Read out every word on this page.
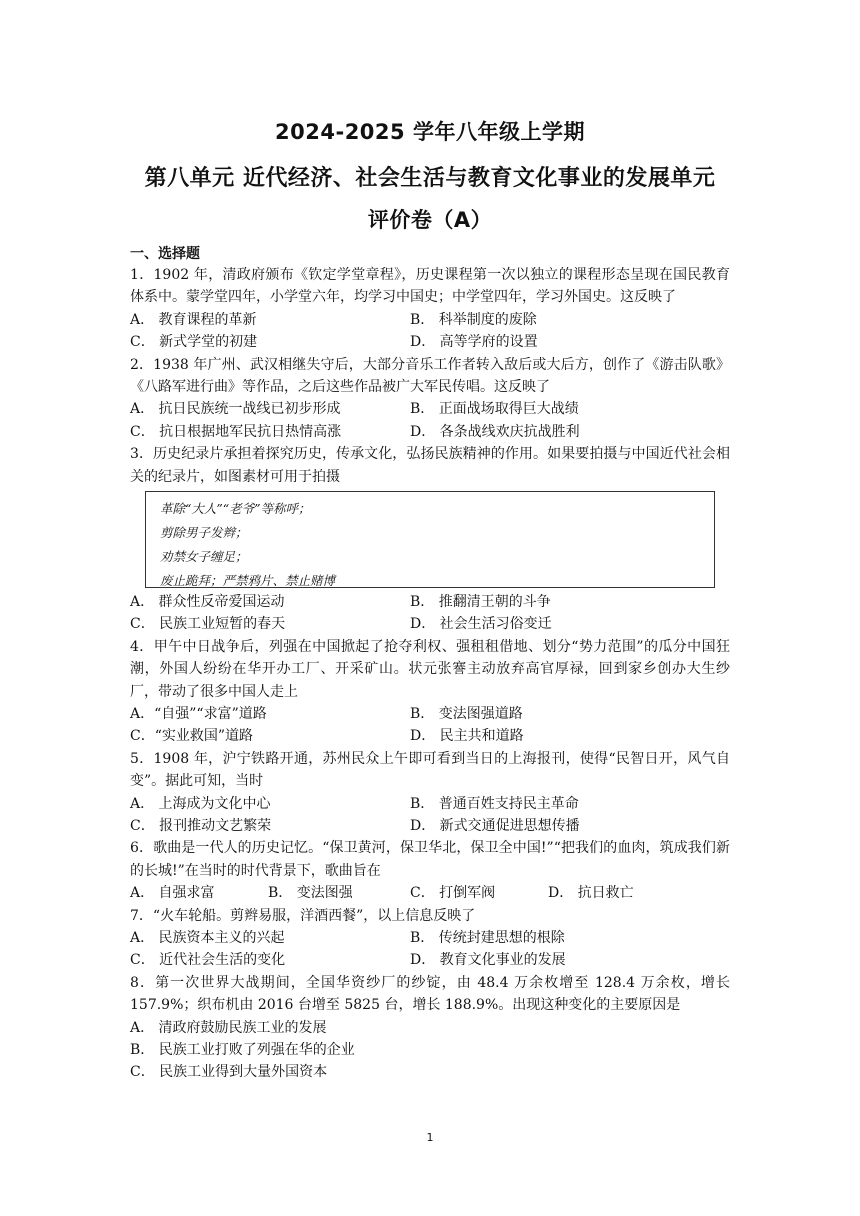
2024-2025 学年八年级上学期
第八单元 近代经济、社会生活与教育文化事业的发展单元
评价卷（A）
一、选择题

1．1902 年，清政府颁布《钦定学堂章程》，历史课程第一次以独立的课程形态呈现在国民教育体系中。蒙学堂四年，小学堂六年，均学习中国史；中学堂四年，学习外国史。这反映了

A． 教育课程的革新	B． 科举制度的废除
C． 新式学堂的初建	D． 高等学府的设置

2．1938 年广州、武汉相继失守后，大部分音乐工作者转入敌后或大后方，创作了《游击队歌》《八路军进行曲》等作品，之后这些作品被广大军民传唱。这反映了

A． 抗日民族统一战线已初步形成	B． 正面战场取得巨大战绩
C． 抗日根据地军民抗日热情高涨	D． 各条战线欢庆抗战胜利

3．历史纪录片承担着探究历史，传承文化，弘扬民族精神的作用。如果要拍摄与中国近代社会相关的纪录片，如图素材可用于拍摄

革除“大人”“老爷”等称呼；
剪除男子发辫；
劝禁女子缠足；
废止跪拜；严禁鸦片、禁止赌博
A． 群众性反帝爱国运动	B． 推翻清王朝的斗争
C． 民族工业短暂的春天	D． 社会生活习俗变迁

4．甲午中日战争后，列强在中国掀起了抢夺利权、强租租借地、划分“势力范围”的瓜分中国狂潮，外国人纷纷在华开办工厂、开采矿山。状元张謇主动放弃高官厚禄，回到家乡创办大生纱厂，带动了很多中国人走上

A．“自强”“求富”道路	B． 变法图强道路
C．“实业救国”道路	D． 民主共和道路

5．1908 年，沪宁铁路开通，苏州民众上午即可看到当日的上海报刊，使得“民智日开，风气自变”。据此可知，当时

A． 上海成为文化中心	B． 普通百姓支持民主革命
C． 报刊推动文艺繁荣	D． 新式交通促进思想传播

6．歌曲是一代人的历史记忆。“保卫黄河，保卫华北，保卫全中国!”“把我们的血肉，筑成我们新的长城!”在当时的时代背景下，歌曲旨在

A． 自强求富	B． 变法图强	C． 打倒军阀	D． 抗日救亡

7．“火车轮船。剪辫易服，洋酒西餐”，以上信息反映了

A． 民族资本主义的兴起	B． 传统封建思想的根除
C． 近代社会生活的变化	D． 教育文化事业的发展

8．第一次世界大战期间，全国华资纱厂的纱锭，由 48.4 万余枚增至 128.4 万余枚，增长 157.9%；织布机由 2016 台增至 5825 台，增长 188.9%。出现这种变化的主要原因是

A． 清政府鼓励民族工业的发展
B． 民族工业打败了列强在华的企业
C． 民族工业得到大量外国资本
1
